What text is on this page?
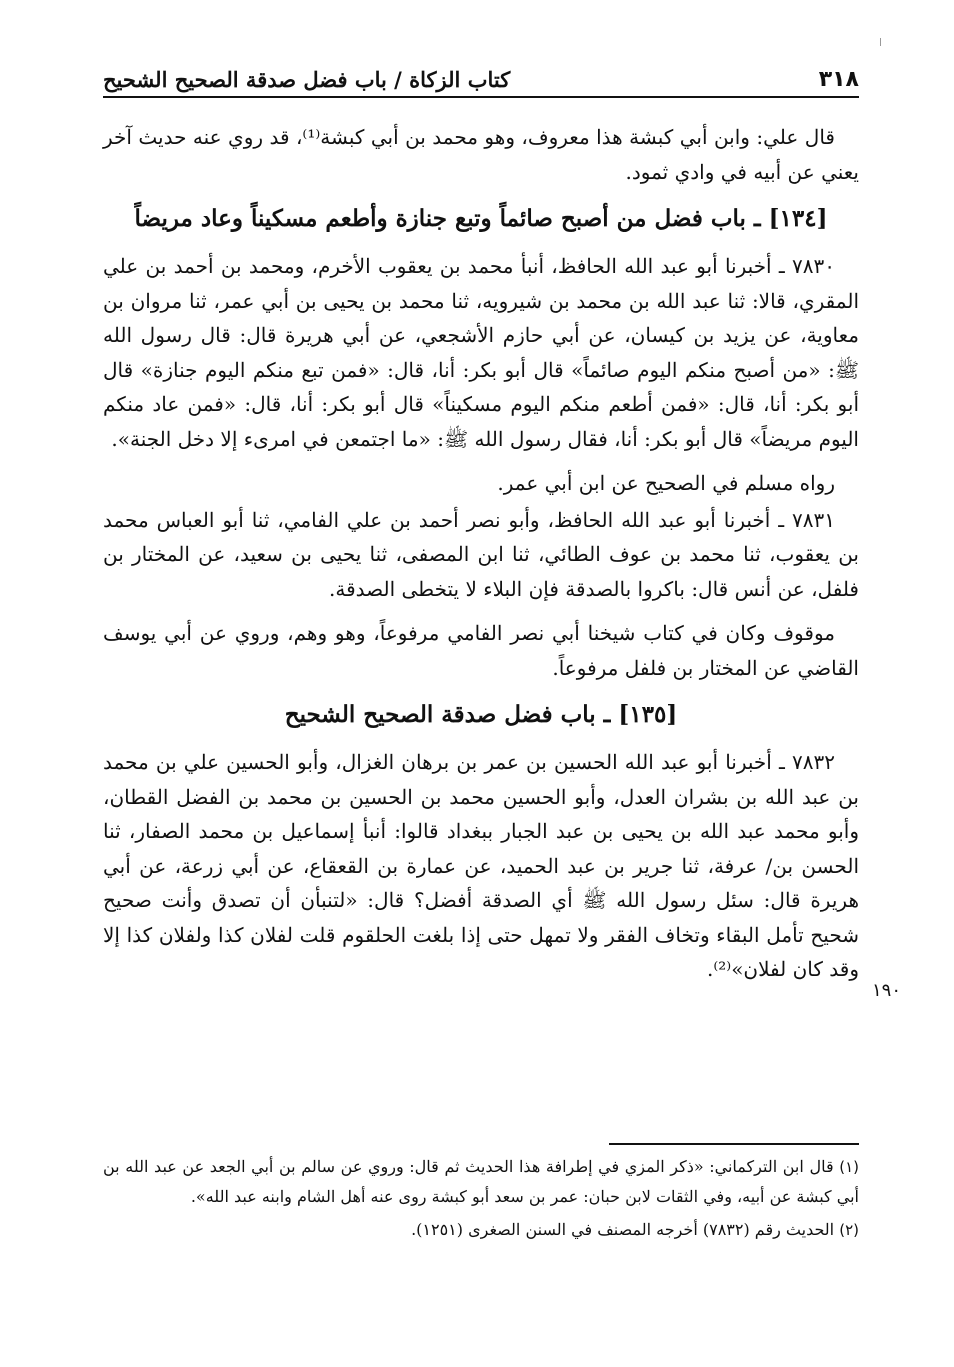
٣١٨
كتاب الزكاة / باب فضل صدقة الصحيح الشحيح

قال علي: وابن أبي كبشة هذا معروف، وهو محمد بن أبي كبشة⁽¹⁾، قد روي عنه حديث آخر يعني عن أبيه في وادي ثمود.

[١٣٤] ـ باب فضل من أصبح صائماً وتبع جنازة وأطعم مسكيناً وعاد مريضاً

٧٨٣٠ ـ أخبرنا أبو عبد الله الحافظ، أنبأ محمد بن يعقوب الأخرم، ومحمد بن أحمد بن علي المقري، قالا: ثنا عبد الله بن محمد بن شيرويه، ثنا محمد بن يحيى بن أبي عمر، ثنا مروان بن معاوية، عن يزيد بن كيسان، عن أبي حازم الأشجعي، عن أبي هريرة قال: قال رسول الله ﷺ: «من أصبح منكم اليوم صائماً» قال أبو بكر: أنا، قال: «فمن تبع منكم اليوم جنازة» قال أبو بكر: أنا، قال: «فمن أطعم منكم اليوم مسكيناً» قال أبو بكر: أنا، قال: «فمن عاد منكم اليوم مريضاً» قال أبو بكر: أنا، فقال رسول الله ﷺ: «ما اجتمعن في امرىء إلا دخل الجنة».

رواه مسلم في الصحيح عن ابن أبي عمر.

٧٨٣١ ـ أخبرنا أبو عبد الله الحافظ، وأبو نصر أحمد بن علي الفامي، ثنا أبو العباس محمد بن يعقوب، ثنا محمد بن عوف الطائي، ثنا ابن المصفى، ثنا يحيى بن سعيد، عن المختار بن فلفل، عن أنس قال: باكروا بالصدقة فإن البلاء لا يتخطى الصدقة.

موقوف وكان في كتاب شيخنا أبي نصر الفامي مرفوعاً، وهو وهم، وروي عن أبي يوسف القاضي عن المختار بن فلفل مرفوعاً.

[١٣٥] ـ باب فضل صدقة الصحيح الشحيح

٧٨٣٢ ـ أخبرنا أبو عبد الله الحسين بن عمر بن برهان الغزال، وأبو الحسين علي بن محمد بن عبد الله بن بشران العدل، وأبو الحسين محمد بن الحسين بن محمد بن الفضل القطان، وأبو محمد عبد الله بن يحيى بن عبد الجبار ببغداد قالوا: أنبأ إسماعيل بن محمد الصفار، ثنا الحسن بن/ عرفة، ثنا جرير بن عبد الحميد، عن عمارة بن القعقاع، عن أبي زرعة، عن أبي هريرة قال: سئل رسول الله ﷺ أي الصدقة أفضل؟ قال: «لتنبأن أن تصدق وأنت صحيح شحيح تأمل البقاء وتخاف الفقر ولا تمهل حتى إذا بلغت الحلقوم قلت لفلان كذا ولفلان كذا إلا وقد كان لفلان»⁽²⁾.

١٩٠

(١) قال ابن التركماني: «ذكر المزي في إطرافة هذا الحديث ثم قال: وروي عن سالم بن أبي الجعد عن عبد الله بن أبي كبشة عن أبيه، وفي الثقات لابن حبان: عمر بن سعد أبو كبشة روى عنه أهل الشام وابنه عبد الله».

(٢) الحديث رقم (٧٨٣٢) أخرجه المصنف في السنن الصغرى (١٢٥١).
